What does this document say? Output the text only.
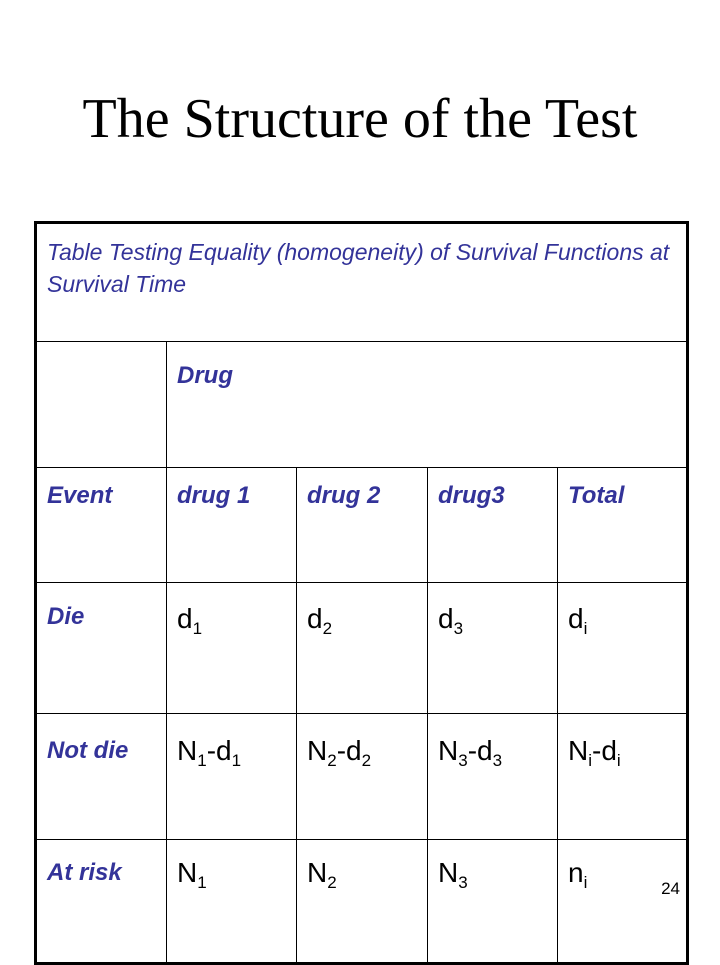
The Structure of the Test
Table Testing Equality (homogeneity) of Survival Functions at Survival Time				
	Drug			
Event	drug 1	drug 2	drug3	Total
Die	$d_1$	$d_2$	$d_3$	$d_i$
Not die	$N_1-d_1$	$N_2-d_2$	$N_3-d_3$	$N_i-d_i$
At risk	$N_1$	$N_2$	$N_3$	$n_i$	24
